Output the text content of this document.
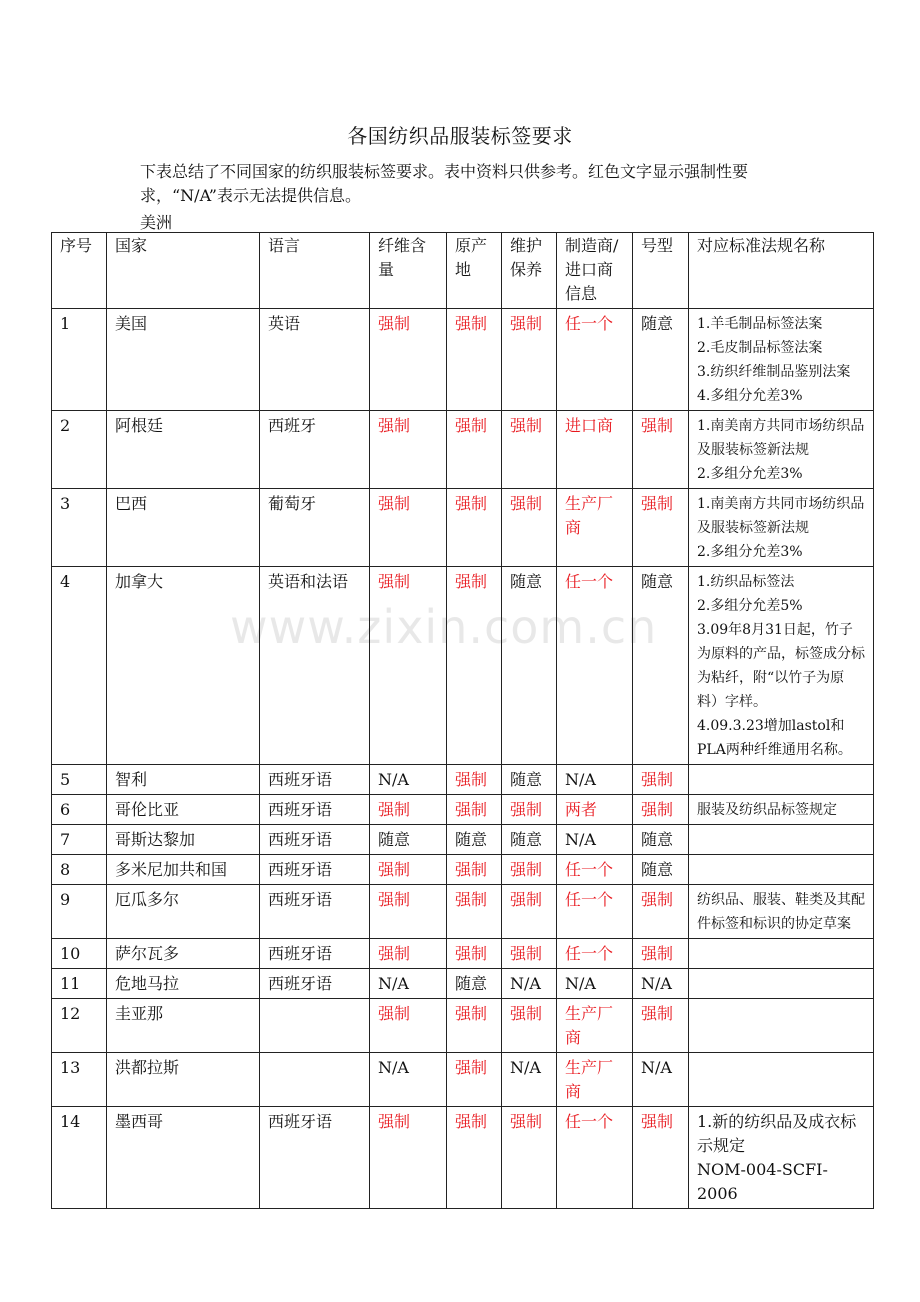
各国纺织品服装标签要求
下表总结了不同国家的纺织服装标签要求。表中资料只供参考。红色文字显示强制性要求，“N/A”表示无法提供信息。
美洲
www.zixin.com.cn
序号	国家	语言	纤维含量	原产地	维护保养	制造商/进口商信息	号型	对应标准法规名称
1	美国	英语	强制	强制	强制	任一个	随意	1.羊毛制品标签法案
2.毛皮制品标签法案
3.纺织纤维制品鉴别法案
4.多组分允差3%

2	阿根廷	西班牙	强制	强制	强制	进口商	强制	1.南美南方共同市场纺织品及服装标签新法规
2.多组分允差3%

3	巴西	葡萄牙	强制	强制	强制	生产厂商	强制	1.南美南方共同市场纺织品及服装标签新法规
2.多组分允差3%

4	加拿大	英语和法语	强制	强制	随意	任一个	随意	1.纺织品标签法
2.多组分允差5%
3.09年8月31日起，竹子为原料的产品，标签成分标为粘纤，附“以竹子为原料）字样。
4.09.3.23增加lastol和PLA两种纤维通用名称。

5	智利	西班牙语	N/A	强制	随意	N/A	强制	
6	哥伦比亚	西班牙语	强制	强制	强制	两者	强制	服装及纺织品标签规定

7	哥斯达黎加	西班牙语	随意	随意	随意	N/A	随意	
8	多米尼加共和国	西班牙语	强制	强制	强制	任一个	随意	
9	厄瓜多尔	西班牙语	强制	强制	强制	任一个	强制	纺织品、服装、鞋类及其配件标签和标识的协定草案

10	萨尔瓦多	西班牙语	强制	强制	强制	任一个	强制	
11	危地马拉	西班牙语	N/A	随意	N/A	N/A	N/A	
12	圭亚那		强制	强制	强制	生产厂商	强制	
13	洪都拉斯		N/A	强制	N/A	生产厂商	N/A	
14	墨西哥	西班牙语	强制	强制	强制	任一个	强制	1.新的纺织品及成衣标示规定
NOM-004-SCFI-2006
